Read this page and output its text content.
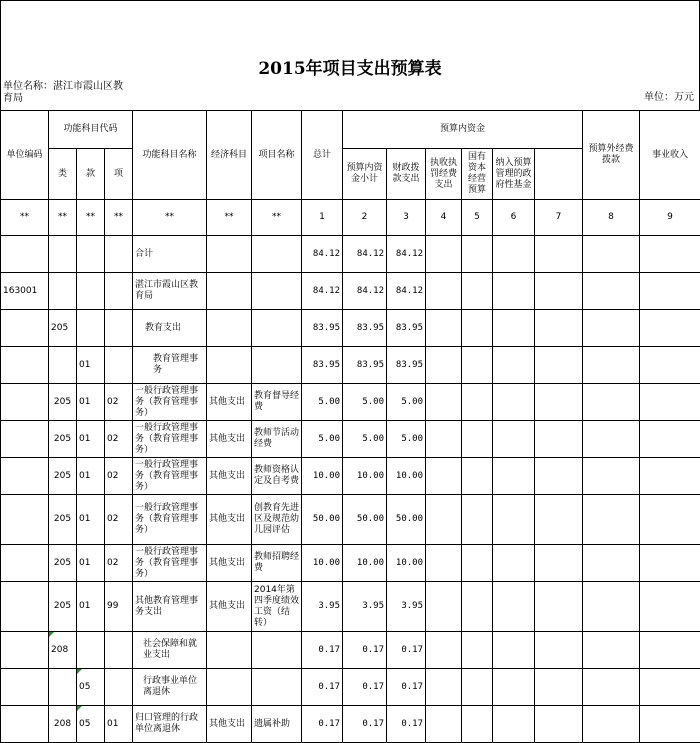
2015年项目支出预算表
单位名称：湛江市霞山区教育局	单位：万元
单位编码	功能科目代码			功能科目名称	经济科目	项目名称	总计	预算内资金						预算外经费拨款	事业收入	
	类	款	项					预算内资金小计	财政拨款支出	执收执罚经费支出	国有资本经营预算	纳入预算管理的政府性基金				
**	**	**	**	**	**	**	1	2	3	4	5	6	7	8	9	
				合计			84.12	84.12	84.12							
163001				湛江市霞山区教育局			84.12	84.12	84.12							
	205			教育支出			83.95	83.95	83.95							
		01		教育管理事务			83.95	83.95	83.95							
	205	01	02	一般行政管理事务（教育管理事务）	其他支出	教育督导经费	5.00	5.00	5.00							
	205	01	02	一般行政管理事务（教育管理事务）	其他支出	教师节活动经费	5.00	5.00	5.00							
	205	01	02	一般行政管理事务（教育管理事务）	其他支出	教师资格认定及自考费	10.00	10.00	10.00							
	205	01	02	一般行政管理事务（教育管理事务）	其他支出	创教育先进区及规范幼儿园评估	50.00	50.00	50.00							
	205	01	02	一般行政管理事务（教育管理事务）	其他支出	教师招聘经费	10.00	10.00	10.00							
	205	01	99	其他教育管理事务支出	其他支出	2014年第四季度绩效工资（结转）	3.95	3.95	3.95							
	208			社会保障和就业支出			0.17	0.17	0.17							
		05		行政事业单位离退休			0.17	0.17	0.17							
	208	05	01	归口管理的行政单位离退休	其他支出	遗属补助	0.17	0.17	0.17							
